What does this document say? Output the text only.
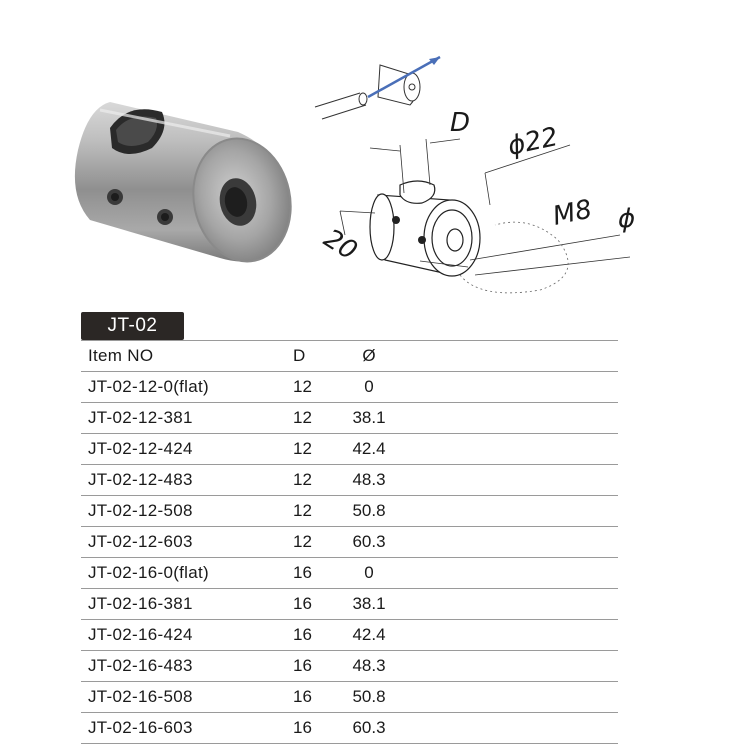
D ϕ22
M8 ϕ
20
JT-02
Item NO	D	Ø	
JT-02-12-0(flat)	12	0	
JT-02-12-381	12	38.1	
JT-02-12-424	12	42.4	
JT-02-12-483	12	48.3	
JT-02-12-508	12	50.8	
JT-02-12-603	12	60.3	
JT-02-16-0(flat)	16	0	
JT-02-16-381	16	38.1	
JT-02-16-424	16	42.4	
JT-02-16-483	16	48.3	
JT-02-16-508	16	50.8	
JT-02-16-603	16	60.3	
